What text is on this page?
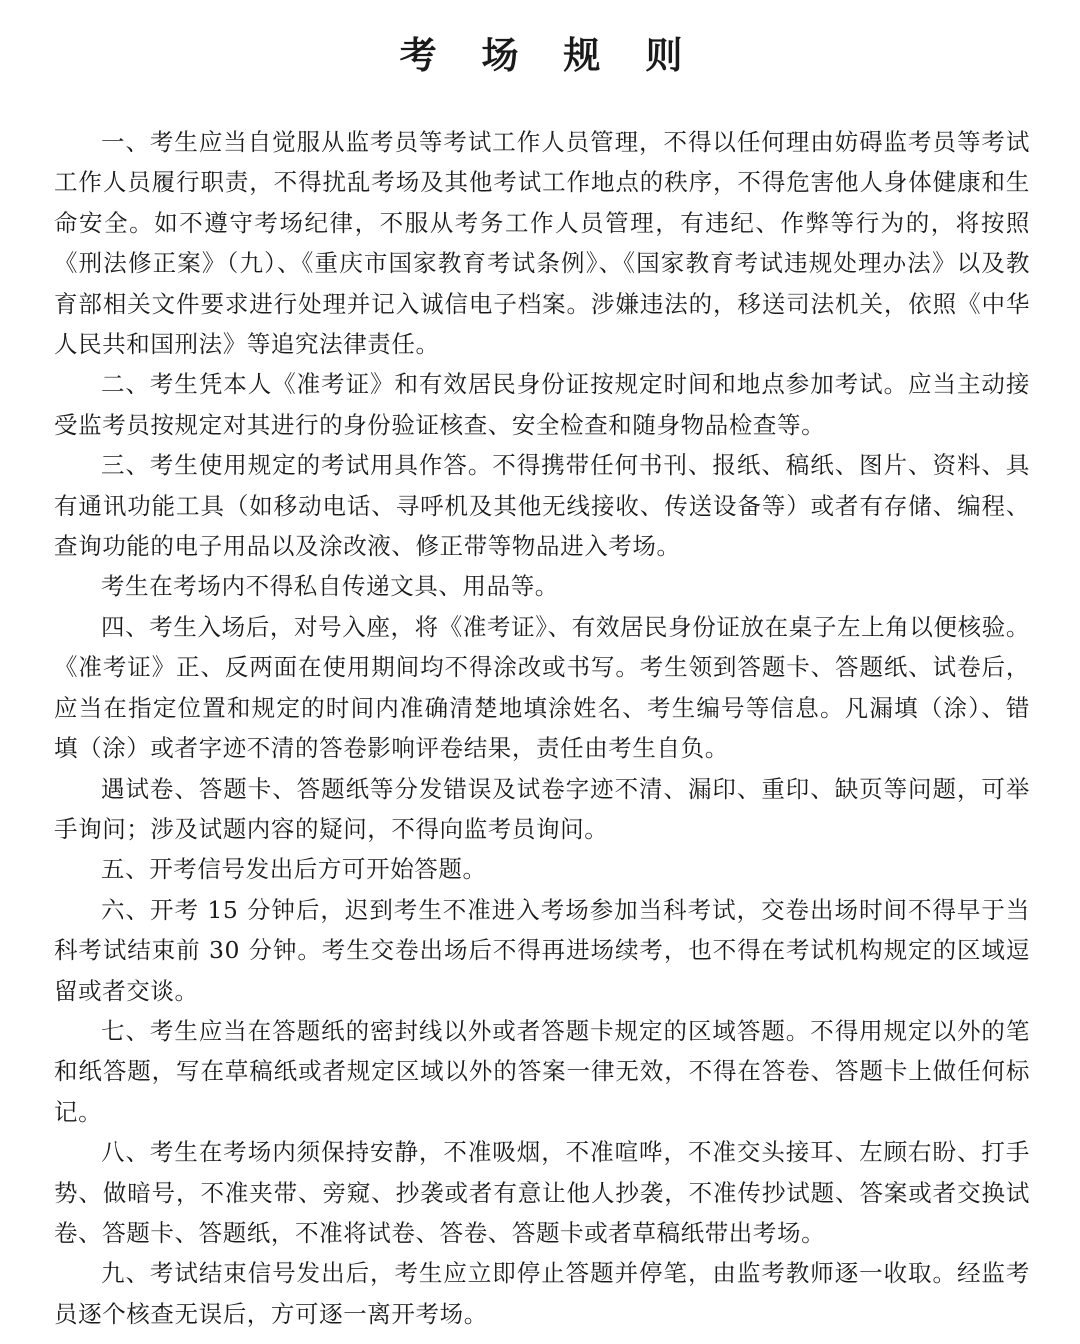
考 场 规 则

一、考生应当自觉服从监考员等考试工作人员管理，不得以任何理由妨碍监考员等考试工作人员履行职责，不得扰乱考场及其他考试工作地点的秩序，不得危害他人身体健康和生命安全。如不遵守考场纪律，不服从考务工作人员管理，有违纪、作弊等行为的，将按照《刑法修正案》（九）、《重庆市国家教育考试条例》、《国家教育考试违规处理办法》以及教育部相关文件要求进行处理并记入诚信电子档案。涉嫌违法的，移送司法机关，依照《中华人民共和国刑法》等追究法律责任。

二、考生凭本人《准考证》和有效居民身份证按规定时间和地点参加考试。应当主动接受监考员按规定对其进行的身份验证核查、安全检查和随身物品检查等。

三、考生使用规定的考试用具作答。不得携带任何书刊、报纸、稿纸、图片、资料、具有通讯功能工具（如移动电话、寻呼机及其他无线接收、传送设备等）或者有存储、编程、查询功能的电子用品以及涂改液、修正带等物品进入考场。

考生在考场内不得私自传递文具、用品等。

四、考生入场后，对号入座，将《准考证》、有效居民身份证放在桌子左上角以便核验。《准考证》正、反两面在使用期间均不得涂改或书写。考生领到答题卡、答题纸、试卷后，应当在指定位置和规定的时间内准确清楚地填涂姓名、考生编号等信息。凡漏填（涂）、错填（涂）或者字迹不清的答卷影响评卷结果，责任由考生自负。

遇试卷、答题卡、答题纸等分发错误及试卷字迹不清、漏印、重印、缺页等问题，可举手询问；涉及试题内容的疑问，不得向监考员询问。

五、开考信号发出后方可开始答题。

六、开考 15 分钟后，迟到考生不准进入考场参加当科考试，交卷出场时间不得早于当科考试结束前 30 分钟。考生交卷出场后不得再进场续考，也不得在考试机构规定的区域逗留或者交谈。

七、考生应当在答题纸的密封线以外或者答题卡规定的区域答题。不得用规定以外的笔和纸答题，写在草稿纸或者规定区域以外的答案一律无效，不得在答卷、答题卡上做任何标记。

八、考生在考场内须保持安静，不准吸烟，不准喧哗，不准交头接耳、左顾右盼、打手势、做暗号，不准夹带、旁窥、抄袭或者有意让他人抄袭，不准传抄试题、答案或者交换试卷、答题卡、答题纸，不准将试卷、答卷、答题卡或者草稿纸带出考场。

九、考试结束信号发出后，考生应立即停止答题并停笔，由监考教师逐一收取。经监考员逐个核查无误后，方可逐一离开考场。
